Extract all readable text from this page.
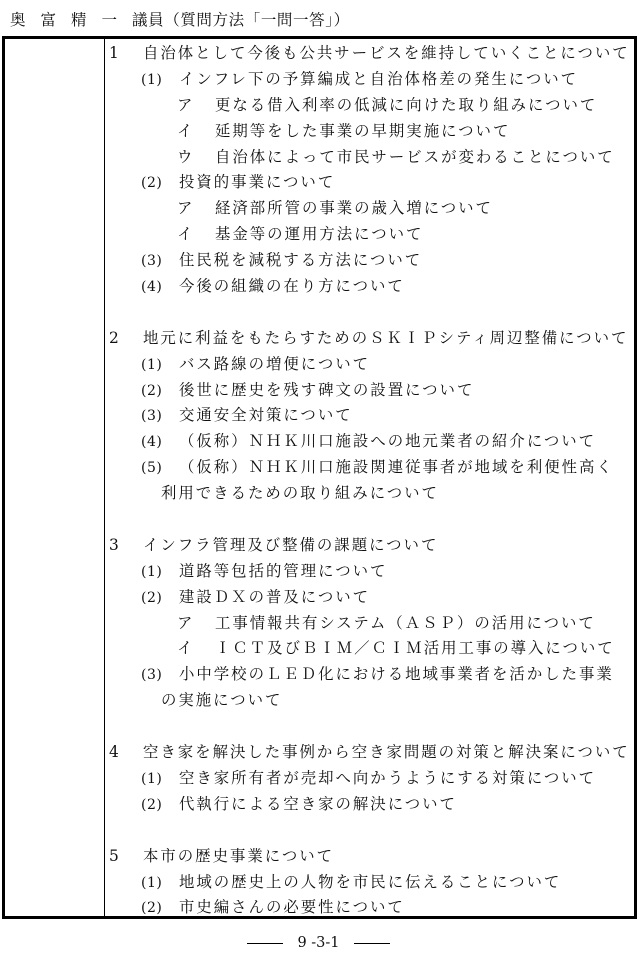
奥富精一議員（質問方法「一問一答」）
1 自治体として今後も公共サービスを維持していくことについて
(1) インフレ下の予算編成と自治体格差の発生について
ア 更なる借入利率の低減に向けた取り組みについて
イ 延期等をした事業の早期実施について
ウ 自治体によって市民サービスが変わることについて
(2) 投資的事業について
ア 経済部所管の事業の歳入増について
イ 基金等の運用方法について
(3) 住民税を減税する方法について
(4) 今後の組織の在り方について
2 地元に利益をもたらすためのＳＫＩＰシティ周辺整備について
(1) バス路線の増便について
(2) 後世に歴史を残す碑文の設置について
(3) 交通安全対策について
(4) （仮称）ＮＨＫ川口施設への地元業者の紹介について
(5) （仮称）ＮＨＫ川口施設関連従事者が地域を利便性高く
利用できるための取り組みについて
3 インフラ管理及び整備の課題について
(1) 道路等包括的管理について
(2) 建設ＤＸの普及について
ア 工事情報共有システム（ＡＳＰ）の活用について
イ ＩＣＴ及びＢＩＭ／ＣＩＭ活用工事の導入について
(3) 小中学校のＬＥＤ化における地域事業者を活かした事業
の実施について
4 空き家を解決した事例から空き家問題の対策と解決案について
(1) 空き家所有者が売却へ向かうようにする対策について
(2) 代執行による空き家の解決について
5 本市の歴史事業について
(1) 地域の歴史上の人物を市民に伝えることについて
(2) 市史編さんの必要性について
9 -3-1
